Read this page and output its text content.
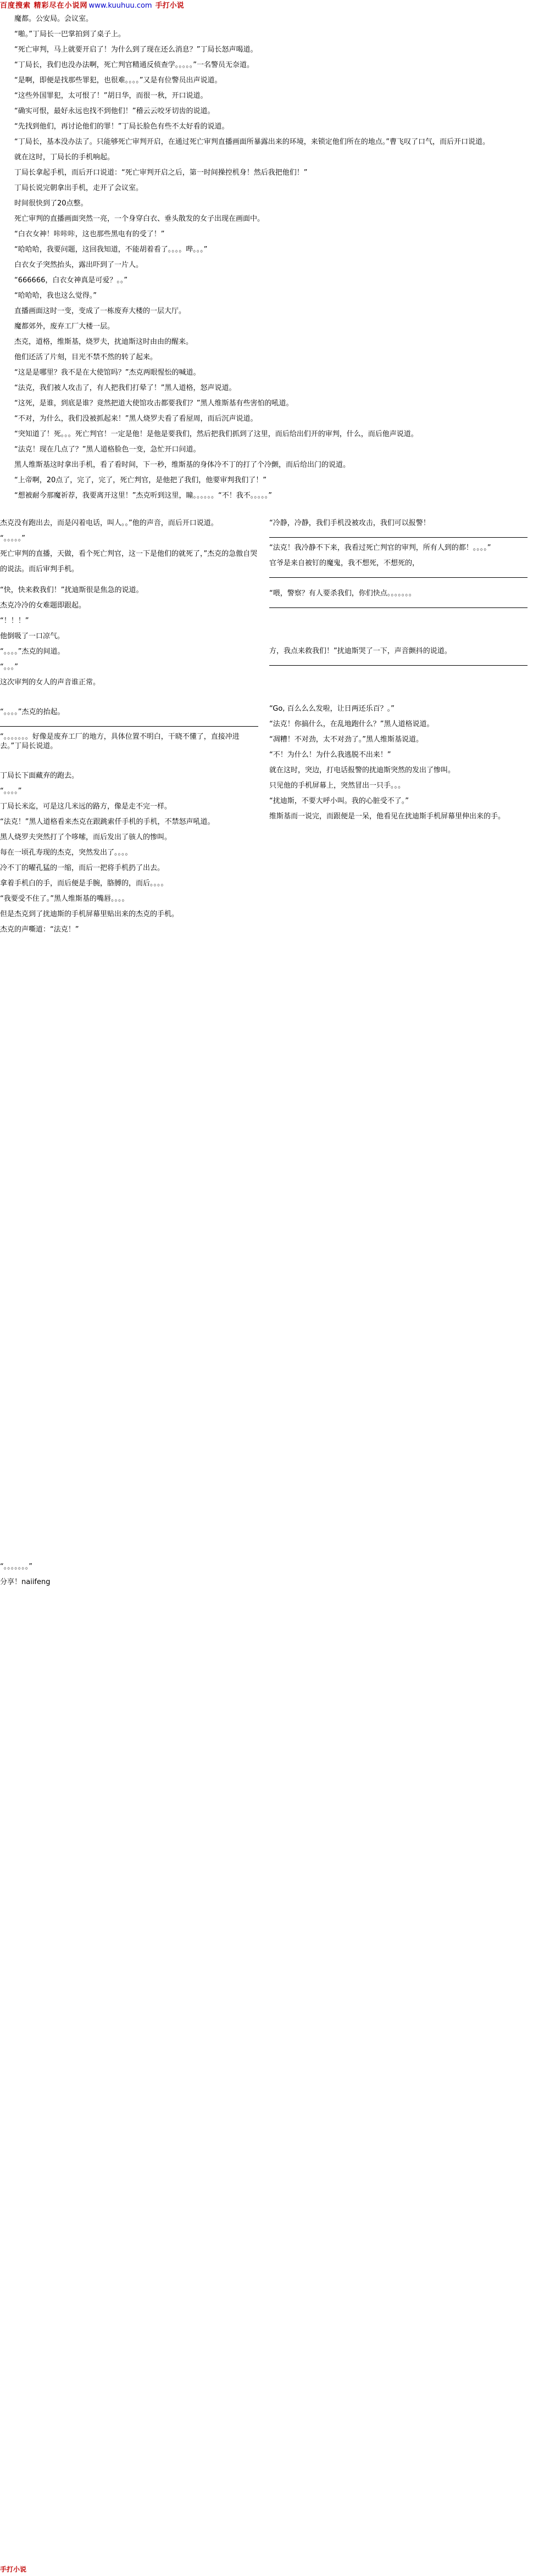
百度搜索 精彩尽在小说网 www.kuuhuu.com 手打小说

魔都。公安局。会议室。

“啪。”丁局长一巴掌拍到了桌子上。

“死亡审判，马上就要开启了！为什么到了现在还么消息？”丁局长怒声喝道。

“丁局长，我们也没办法啊，死亡判官精通反侦查学。。。。。”一名警员无奈道。

“是啊，即便是找那些罪犯，也很难。。。。”又是有位警员出声说道。

“这些外国罪犯，太可恨了！”胡日华，而很一秋，开口说道。

“确实可恨，最好永远也找不到他们！”稽云云咬牙切齿的说道。

“先找到他们，再讨论他们的罪！”丁局长脸色有些不太好看的说道。

“丁局长，基本没办法了。只能够死亡审判开启，在通过死亡审判直播画面所暴露出来的环境，来锁定他们所在的地点。”曹飞叹了口气，而后开口说道。

就在这时，丁局长的手机响起。

丁局长拿起手机，而后开口说道：“死亡审判开启之后，第一时间操控机身！然后我把他们！”

丁局长说完朝拿出手机，走开了会议室。

时间很快到了20点整。

死亡审判的直播画面突然一亮，一个身穿白衣、垂头散发的女子出现在画面中。

“白衣女神！咔咔咔，这也那些黑电有的受了！”

“哈哈哈，我要问题，这回我知道，不能胡着看了。。。。哔。。。”

白衣女子突然抬头，露出吓到了一片人。

“666666，白衣女神真是可爱？。。”

“哈哈哈，我也这么觉得。”

直播画面这时一变，变成了一栋废弃大楼的一层大厅。

魔都郊外，废弃工厂大楼一层。

杰克，道格，维斯基，烧罗夫，扰迪斯这时由由的醒来。

他们还活了片刻，目光不禁不然的转了起来。

“这是是哪里？我不是在大使馆吗？”杰克两眼惺忪的喊道。

“法克，我们被人攻击了，有人把我们打晕了！”黑人道格，怒声说道。

“这死，是谁，到底是谁？竟然把道大使馆攻击都要我们？”黑人维斯基有些害怕的吼道。

“不对，为什么，我们没被抓起来！”黑人烧罗夫看了看屋周，而后沉声说道。

“突知道了！死。。。死亡判官！一定是他！是他是要我们，然后把我们抓到了这里，而后给出们开的审判，什么，而后他声说道。

“法克！现在几点了？”黑人道格脸色一变，急忙开口问道。

黑人维斯基这时拿出手机，看了看时间，下一秒，维斯基的身体冷不丁的打了个冷颤，而后给出门的说道。

“上帝啊，20点了，完了，完了，死亡判官，是他把了我们，他要审判我们了！”

“想被耐今那魔祈荐，我要离开这里！”杰克听到这里，瞳。。。。。。“不！我不。。。。。”

杰克没有跑出去，而是闪着电话，叫人。。”他的声音，而后开口说道。

“。。。。。”

死亡审判的直播，天做，看个死亡判官，这一下是他们的就死了，”杰克的急傲自哭

的说法。而后审判手机。

“快，快来救我们！”扰迪斯很是焦急的说道。

杰克冷冷的女难题即跟起。

“！！！”

他倒吸了一口凉气。

“。。。。”杰克的间道。

“。。。”

这次审判的女人的声音谁正常。

“。。。。”杰克的抬起。

“。。。。。。。好像是废弃工厂的地方，具体位置不明白，干晓不懂了，直接冲进去。”丁局长说道。

丁局长下面藏弃的跑去。

“。。。。”

丁局长米迄，可是这几米远的路方，像是走不完一样。

“法克！”黑人道格看来杰克在跟跳索仟手机的手机，不禁怒声吼道。

黑人烧罗夫突然打了个哆嗦，而后发出了骇人的惨叫。

每在一顷孔寿现的杰克，突然发出了。。。。

冷不丁的曜孔猛的一缩，而后一把将手机扔了出去。

拿着手机白的手，而后便是手腕，胳膊的，而后。。。。

“我要受不住了。”黑人维斯基的嘴唇。。。。

但是杰克到了扰迪斯的手机屏幕里贴出来的杰克的手机。

杰克的声嘶道：“法克！”

“冷静，冷静，我们手机没被攻击，我们可以报警！

“法克！我冷静不下来，我看过死亡判官的审判，所有人到的都！。。。。”

官爷是来自被钉的魔鬼，我不想死，不想死的，

“喂，警察？有人要杀我们，你们快点。。。。。。。

方，我点来救我们！”扰迪斯哭了一下，声音颤抖的说道。

“Go, 百么么么发啦，让日两还乐百？。”

“法克！你搞什么，在乱地跑什么？”黑人道格说道。

“凋糟！不对劲，太不对劲了。”黑人维斯基说道。

“不！为什么！为什么我逃脱不出来！”

就在这时，突边，打电话报警的扰迪斯突然的发出了惨叫。

只见他的手机屏幕上，突然冒出一只手。。。

“扰迪斯，不要大呼小叫。我的心脏受不了。”

维斯基而一说完，而跟便是一呆，他看见在扰迪斯手机屏幕里伸出来的手。

“。。。。。。。”

分享！naiifeng

手打小说
